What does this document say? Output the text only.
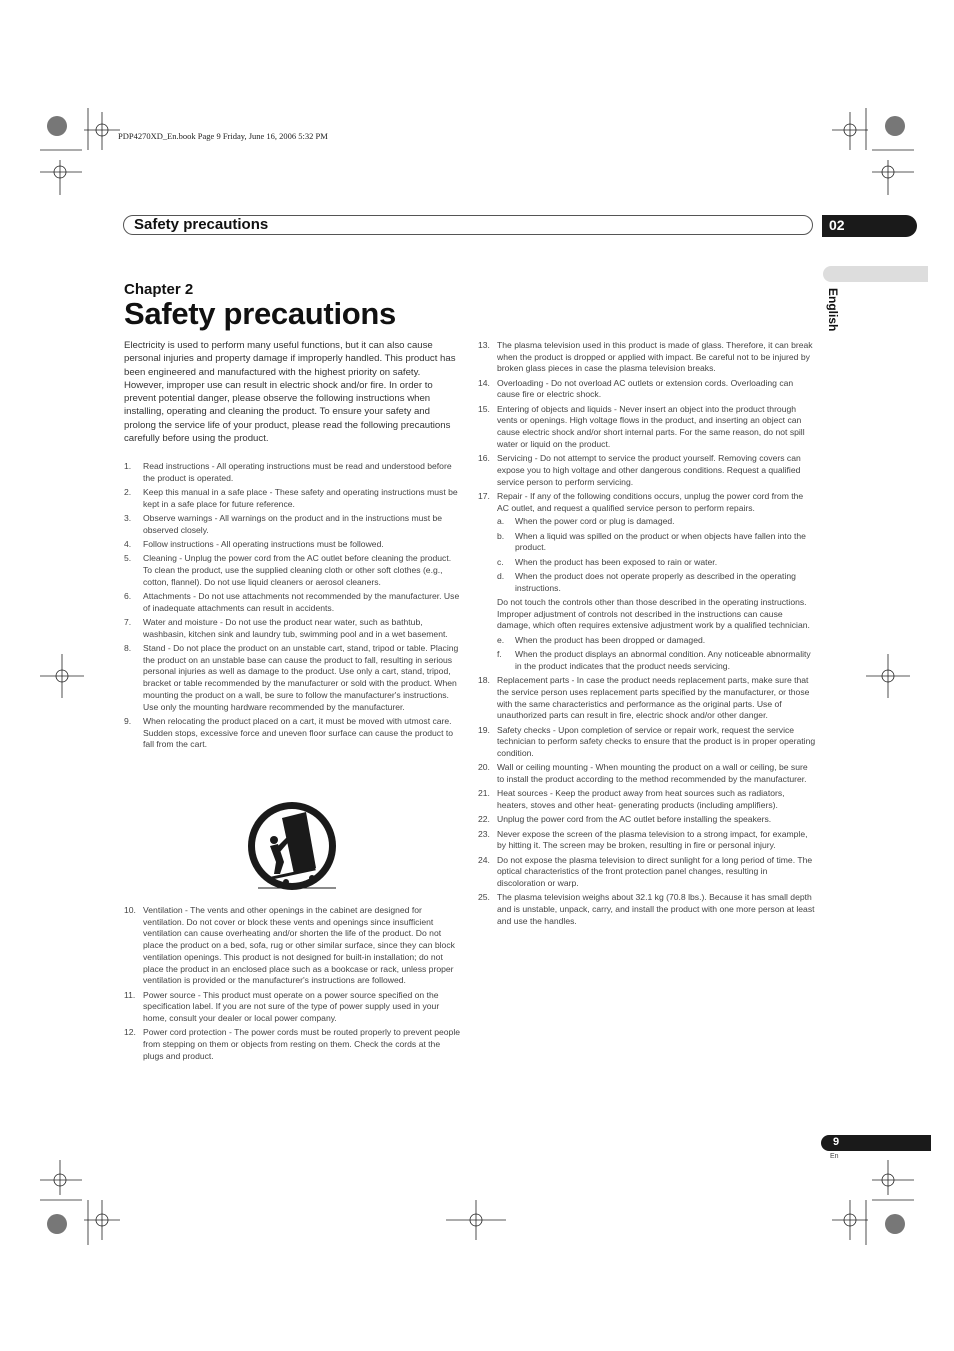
PDP4270XD_En.book Page 9 Friday, June 16, 2006 5:32 PM
Safety precautions	02
English
Chapter 2
Safety precautions
Electricity is used to perform many useful functions, but it can also cause personal injuries and property damage if improperly handled. This product has been engineered and manufactured with the highest priority on safety. However, improper use can result in electric shock and/or fire. In order to prevent potential danger, please observe the following instructions when installing, operating and cleaning the product. To ensure your safety and prolong the service life of your product, please read the following precautions carefully before using the product.
1. Read instructions - All operating instructions must be read and understood before the product is operated.
2. Keep this manual in a safe place - These safety and operating instructions must be kept in a safe place for future reference.
3. Observe warnings - All warnings on the product and in the instructions must be observed closely.
4. Follow instructions - All operating instructions must be followed.
5. Cleaning - Unplug the power cord from the AC outlet before cleaning the product. To clean the product, use the supplied cleaning cloth or other soft clothes (e.g., cotton, flannel). Do not use liquid cleaners or aerosol cleaners.
6. Attachments - Do not use attachments not recommended by the manufacturer. Use of inadequate attachments can result in accidents.
7. Water and moisture - Do not use the product near water, such as bathtub, washbasin, kitchen sink and laundry tub, swimming pool and in a wet basement.
8. Stand - Do not place the product on an unstable cart, stand, tripod or table. Placing the product on an unstable base can cause the product to fall, resulting in serious personal injuries as well as damage to the product. Use only a cart, stand, tripod, bracket or table recommended by the manufacturer or sold with the product. When mounting the product on a wall, be sure to follow the manufacturer's instructions. Use only the mounting hardware recommended by the manufacturer.
9. When relocating the product placed on a cart, it must be moved with utmost care. Sudden stops, excessive force and uneven floor surface can cause the product to fall from the cart.
10. Ventilation - The vents and other openings in the cabinet are designed for ventilation. Do not cover or block these vents and openings since insufficient ventilation can cause overheating and/or shorten the life of the product. Do not place the product on a bed, sofa, rug or other similar surface, since they can block ventilation openings. This product is not designed for built-in installation; do not place the product in an enclosed place such as a bookcase or rack, unless proper ventilation is provided or the manufacturer's instructions are followed.
11. Power source - This product must operate on a power source specified on the specification label. If you are not sure of the type of power supply used in your home, consult your dealer or local power company.
12. Power cord protection - The power cords must be routed properly to prevent people from stepping on them or objects from resting on them. Check the cords at the plugs and product.
13. The plasma television used in this product is made of glass. Therefore, it can break when the product is dropped or applied with impact. Be careful not to be injured by broken glass pieces in case the plasma television breaks.
14. Overloading - Do not overload AC outlets or extension cords. Overloading can cause fire or electric shock.
15. Entering of objects and liquids - Never insert an object into the product through vents or openings. High voltage flows in the product, and inserting an object can cause electric shock and/or short internal parts. For the same reason, do not spill water or liquid on the product.
16. Servicing - Do not attempt to service the product yourself. Removing covers can expose you to high voltage and other dangerous conditions. Request a qualified service person to perform servicing.
17. Repair - If any of the following conditions occurs, unplug the power cord from the AC outlet, and request a qualified service person to perform repairs.
a. When the power cord or plug is damaged.
b. When a liquid was spilled on the product or when objects have fallen into the product.
c. When the product has been exposed to rain or water.
d. When the product does not operate properly as described in the operating instructions.
Do not touch the controls other than those described in the operating instructions. Improper adjustment of controls not described in the instructions can cause damage, which often requires extensive adjustment work by a qualified technician.
e. When the product has been dropped or damaged.
f. When the product displays an abnormal condition. Any noticeable abnormality in the product indicates that the product needs servicing.
18. Replacement parts - In case the product needs replacement parts, make sure that the service person uses replacement parts specified by the manufacturer, or those with the same characteristics and performance as the original parts. Use of unauthorized parts can result in fire, electric shock and/or other danger.
19. Safety checks - Upon completion of service or repair work, request the service technician to perform safety checks to ensure that the product is in proper operating condition.
20. Wall or ceiling mounting - When mounting the product on a wall or ceiling, be sure to install the product according to the method recommended by the manufacturer.
21. Heat sources - Keep the product away from heat sources such as radiators, heaters, stoves and other heat- generating products (including amplifiers).
22. Unplug the power cord from the AC outlet before installing the speakers.
23. Never expose the screen of the plasma television to a strong impact, for example, by hitting it. The screen may be broken, resulting in fire or personal injury.
24. Do not expose the plasma television to direct sunlight for a long period of time. The optical characteristics of the front protection panel changes, resulting in discoloration or warp.
25. The plasma television weighs about 32.1 kg (70.8 lbs.). Because it has small depth and is unstable, unpack, carry, and install the product with one more person at least and use the handles.
9
En
